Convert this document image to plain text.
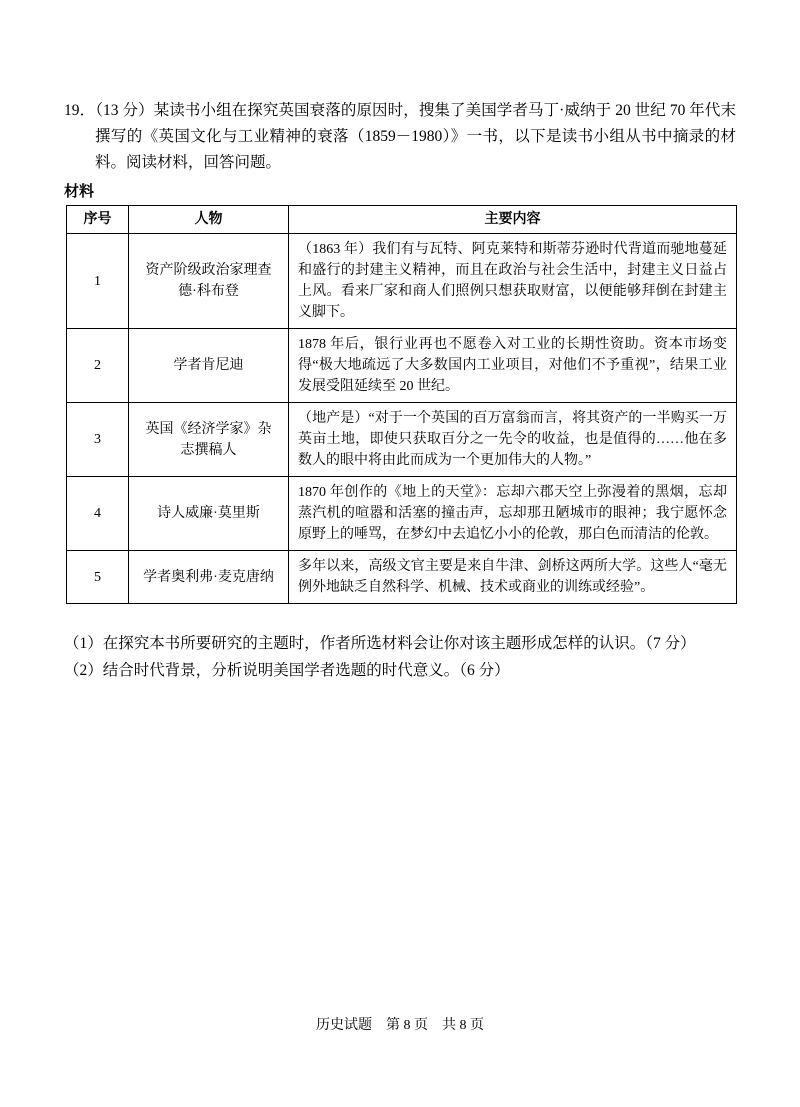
19．（13 分）某读书小组在探究英国衰落的原因时，搜集了美国学者马丁·威纳于 20 世纪 70 年代末撰写的《英国文化与工业精神的衰落（1859－1980）》一书，以下是读书小组从书中摘录的材料。阅读材料，回答问题。

材料
序号	人物	主要内容
1	资产阶级政治家理查德·科布登	（1863 年）我们有与瓦特、阿克莱特和斯蒂芬逊时代背道而驰地蔓延和盛行的封建主义精神，而且在政治与社会生活中，封建主义日益占上风。看来厂家和商人们照例只想获取财富，以便能够拜倒在封建主义脚下。
2	学者肯尼迪	1878 年后，银行业再也不愿卷入对工业的长期性资助。资本市场变得“极大地疏远了大多数国内工业项目，对他们不予重视”，结果工业发展受阻延续至 20 世纪。
3	英国《经济学家》杂志撰稿人	（地产是）“对于一个英国的百万富翁而言，将其资产的一半购买一万英亩土地，即使只获取百分之一先令的收益，也是值得的……他在多数人的眼中将由此而成为一个更加伟大的人物。”
4	诗人威廉·莫里斯	1870 年创作的《地上的天堂》：忘却六郡天空上弥漫着的黑烟，忘却蒸汽机的喧嚣和活塞的撞击声，忘却那丑陋城市的眼神；我宁愿怀念原野上的唾骂，在梦幻中去追忆小小的伦敦，那白色而清洁的伦敦。
5	学者奥利弗·麦克唐纳	多年以来，高级文官主要是来自牛津、剑桥这两所大学。这些人“毫无例外地缺乏自然科学、机械、技术或商业的训练或经验”。

（1）在探究本书所要研究的主题时，作者所选材料会让你对该主题形成怎样的认识。（7 分）

（2）结合时代背景，分析说明美国学者选题的时代意义。（6 分）

历史试题　第 8 页　共 8 页
